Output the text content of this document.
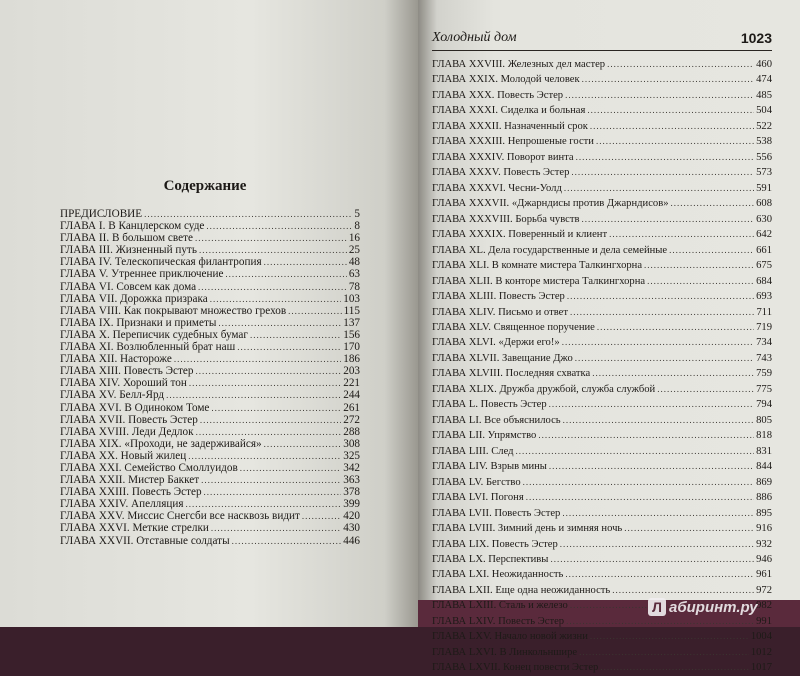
Содержание
ПРЕДИСЛОВИЕ .....	5
ГЛАВА I. В Канцлерском суде .....	8
ГЛАВА II. В большом свете .....	16
ГЛАВА III. Жизненный путь .....	25
ГЛАВА IV. Телескопическая филантропия .....	48
ГЛАВА V. Утреннее приключение .....	63
ГЛАВА VI. Совсем как дома .....	78
ГЛАВА VII. Дорожка призрака .....	103
ГЛАВА VIII. Как покрывают множество грехов .....	115
ГЛАВА IX. Признаки и приметы .....	137
ГЛАВА X. Переписчик судебных бумаг .....	156
ГЛАВА XI. Возлюбленный брат наш .....	170
ГЛАВА XII. Настороже .....	186
ГЛАВА XIII. Повесть Эстер .....	203
ГЛАВА XIV. Хороший тон .....	221
ГЛАВА XV. Белл-Ярд .....	244
ГЛАВА XVI. В Одиноком Томе .....	261
ГЛАВА XVII. Повесть Эстер .....	272
ГЛАВА XVIII. Леди Дедлок .....	288
ГЛАВА XIX. «Проходи, не задерживайся» .....	308
ГЛАВА XX. Новый жилец .....	325
ГЛАВА XXI. Семейство Смоллуидов .....	342
ГЛАВА XXII. Мистер Баккет .....	363
ГЛАВА XXIII. Повесть Эстер .....	378
ГЛАВА XXIV. Апелляция .....	399
ГЛАВА XXV. Миссис Снегсби все насквозь видит .....	420
ГЛАВА XXVI. Меткие стрелки .....	430
ГЛАВА XXVII. Отставные солдаты .....	446
Холодный дом	1023
ГЛАВА XXVIII. Железных дел мастер .....	460
ГЛАВА XXIX. Молодой человек .....	474
ГЛАВА XXX. Повесть Эстер .....	485
ГЛАВА XXXI. Сиделка и больная .....	504
ГЛАВА XXXII. Назначенный срок .....	522
ГЛАВА XXXIII. Непрошеные гости .....	538
ГЛАВА XXXIV. Поворот винта .....	556
ГЛАВА XXXV. Повесть Эстер .....	573
ГЛАВА XXXVI. Чесни-Уолд .....	591
ГЛАВА XXXVII. «Джарндисы против Джарндисов» .....	608
ГЛАВА XXXVIII. Борьба чувств .....	630
ГЛАВА XXXIX. Поверенный и клиент .....	642
ГЛАВА XL. Дела государственные и дела семейные .....	661
ГЛАВА XLI. В комнате мистера Талкингхорна .....	675
ГЛАВА XLII. В конторе мистера Талкингхорна .....	684
ГЛАВА XLIII. Повесть Эстер .....	693
ГЛАВА XLIV. Письмо и ответ .....	711
ГЛАВА XLV. Священное поручение .....	719
ГЛАВА XLVI. «Держи его!» .....	734
ГЛАВА XLVII. Завещание Джо .....	743
ГЛАВА XLVIII. Последняя схватка .....	759
ГЛАВА XLIX. Дружба дружбой, служба службой .....	775
ГЛАВА L. Повесть Эстер .....	794
ГЛАВА LI. Все объяснилось .....	805
ГЛАВА LII. Упрямство .....	818
ГЛАВА LIII. След .....	831
ГЛАВА LIV. Взрыв мины .....	844
ГЛАВА LV. Бегство .....	869
ГЛАВА LVI. Погоня .....	886
ГЛАВА LVII. Повесть Эстер .....	895
ГЛАВА LVIII. Зимний день и зимняя ночь .....	916
ГЛАВА LIX. Повесть Эстер .....	932
ГЛАВА LX. Перспективы .....	946
ГЛАВА LXI. Неожиданность .....	961
ГЛАВА LXII. Еще одна неожиданность .....	972
ГЛАВА LXIII. Сталь и железо .....	982
ГЛАВА LXIV. Повесть Эстер .....	991
ГЛАВА LXV. Начало новой жизни .....	1004
ГЛАВА LXVI. В Линкольншире .....	1012
ГЛАВА LXVII. Конец повести Эстер .....	1017
Л абиринт.ру
